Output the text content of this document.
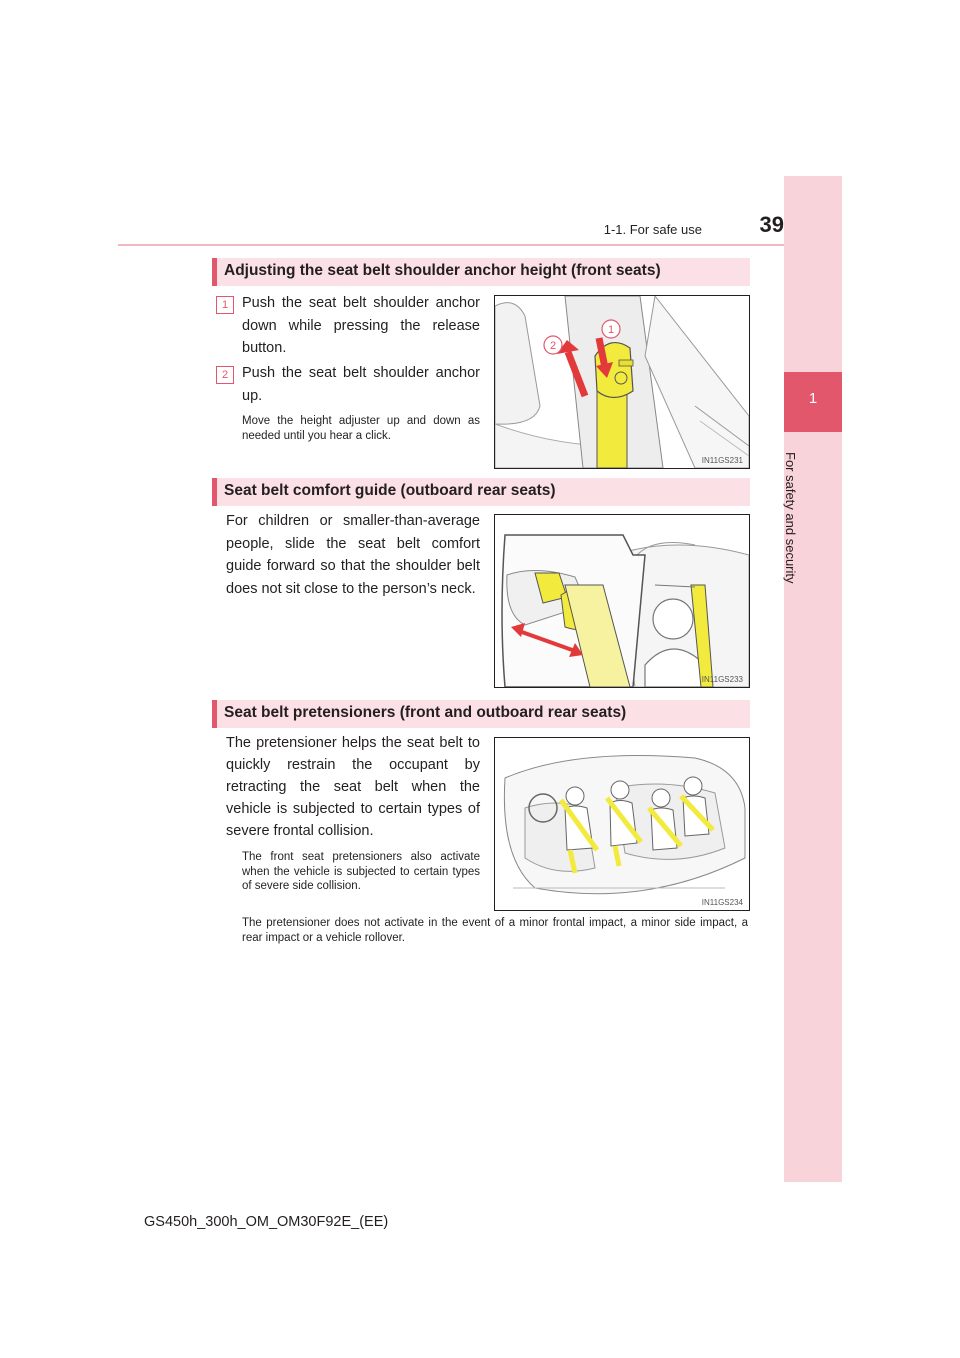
1
For safety and security
1-1. For safe use	39
Adjusting the seat belt shoulder anchor height (front seats)
1 Push the seat belt shoulder anchor down while pressing the release button.
2 Push the seat belt shoulder anchor up.
Move the height adjuster up and down as needed until you hear a click.
1
2
IN11GS231
Seat belt comfort guide (outboard rear seats)
For children or smaller-than-average people, slide the seat belt comfort guide forward so that the shoulder belt does not sit close to the person’s neck.
IN11GS233
Seat belt pretensioners (front and outboard rear seats)
The pretensioner helps the seat belt to quickly restrain the occupant by retracting the seat belt when the vehicle is subjected to certain types of severe frontal collision.
The front seat pretensioners also activate when the vehicle is subjected to certain types of severe side collision.
IN11GS234
The pretensioner does not activate in the event of a minor frontal impact, a minor side impact, a rear impact or a vehicle rollover.
GS450h_300h_OM_OM30F92E_(EE)
